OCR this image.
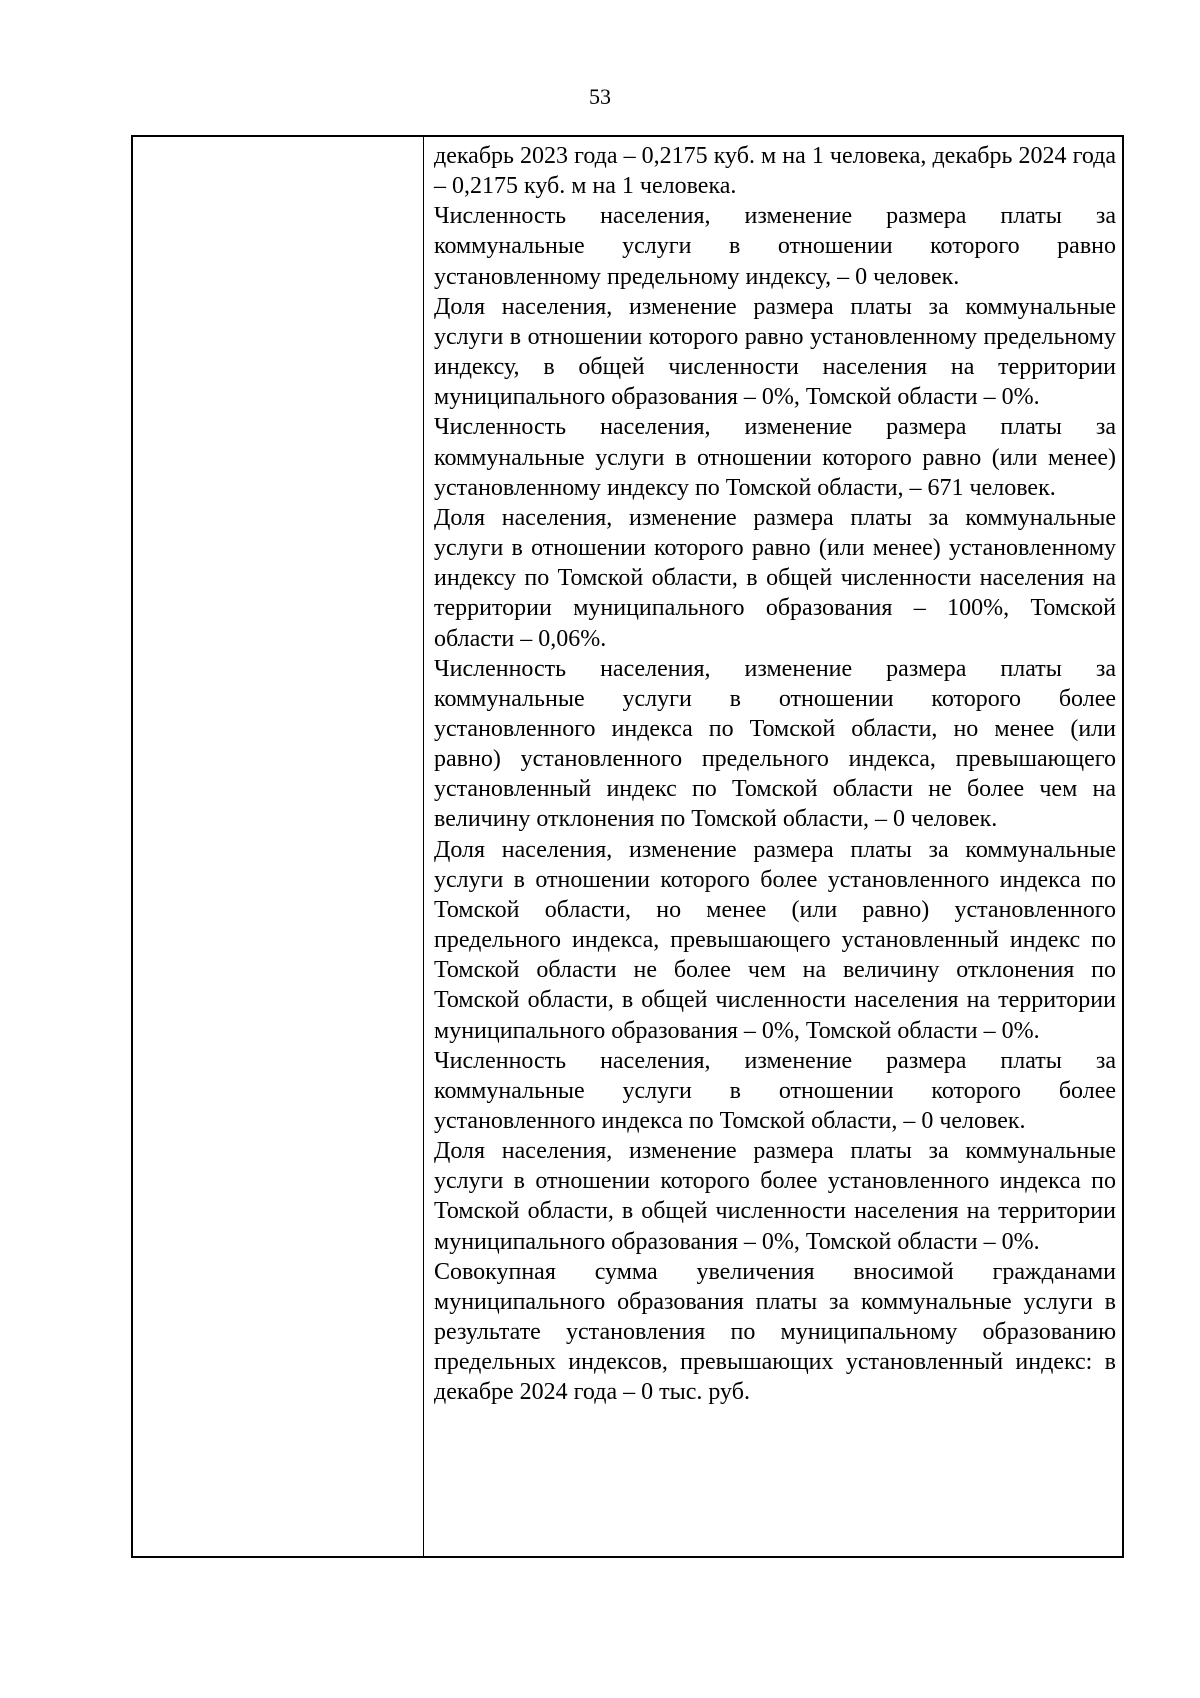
53

декабрь 2023 года – 0,2175 куб. м на 1 человека, декабрь 2024 года – 0,2175 куб. м на 1 человека.

Численность населения, изменение размера платы за коммунальные услуги в отношении которого равно установленному предельному индексу, – 0 человек.

Доля населения, изменение размера платы за коммунальные услуги в отношении которого равно установленному предельному индексу, в общей численности населения на территории муниципального образования – 0%, Томской области – 0%.

Численность населения, изменение размера платы за коммунальные услуги в отношении которого равно (или менее) установленному индексу по Томской области, – 671 человек.

Доля населения, изменение размера платы за коммунальные услуги в отношении которого равно (или менее) установленному индексу по Томской области, в общей численности населения на территории муниципального образования – 100%, Томской области – 0,06%.

Численность населения, изменение размера платы за коммунальные услуги в отношении которого более установленного индекса по Томской области, но менее (или равно) установленного предельного индекса, превышающего установленный индекс по Томской области не более чем на величину отклонения по Томской области, – 0 человек.

Доля населения, изменение размера платы за коммунальные услуги в отношении которого более установленного индекса по Томской области, но менее (или равно) установленного предельного индекса, превышающего установленный индекс по Томской области не более чем на величину отклонения по Томской области, в общей численности населения на территории муниципального образования – 0%, Томской области – 0%.

Численность населения, изменение размера платы за коммунальные услуги в отношении которого более установленного индекса по Томской области, – 0 человек.

Доля населения, изменение размера платы за коммунальные услуги в отношении которого более установленного индекса по Томской области, в общей численности населения на территории муниципального образования – 0%, Томской области – 0%.

Совокупная сумма увеличения вносимой гражданами муниципального образования платы за коммунальные услуги в результате установления по муниципальному образованию предельных индексов, превышающих установленный индекс: в декабре 2024 года – 0 тыс. руб.
